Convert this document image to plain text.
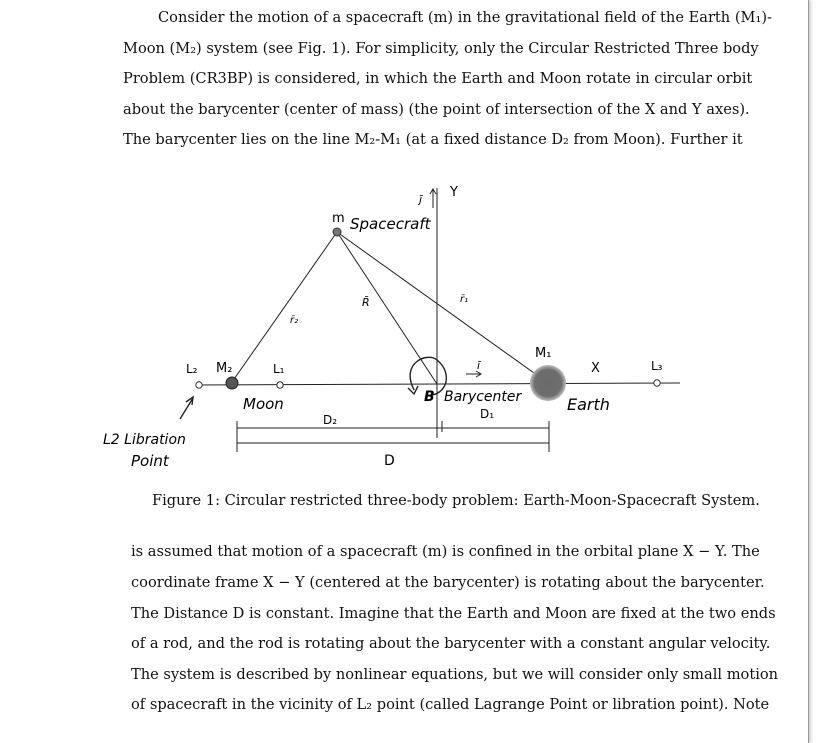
Consider the motion of a spacecraft (m) in the gravitational field of the Earth (M₁)-

Moon (M₂) system (see Fig. 1). For simplicity, only the Circular Restricted Three body

Problem (CR3BP) is considered, in which the Earth and Moon rotate in circular orbit

about the barycenter (center of mass) (the point of intersection of the X and Y axes).

The barycenter lies on the line M₂-M₁ (at a fixed distance D₂ from Moon). Further it

Y
j̄
m Spacecraft
r̄₂
R̄	r̄₁
M₁
X	L₃
L₂ M₂	L₁	ī
Moon	B Barycenter	Earth
D₁
D₂
D
L2 Libration
Point
Figure 1: Circular restricted three-body problem: Earth-Moon-Spacecraft System.

is assumed that motion of a spacecraft (m) is confined in the orbital plane X − Y. The

coordinate frame X − Y (centered at the barycenter) is rotating about the barycenter.

The Distance D is constant. Imagine that the Earth and Moon are fixed at the two ends

of a rod, and the rod is rotating about the barycenter with a constant angular velocity.

The system is described by nonlinear equations, but we will consider only small motion

of spacecraft in the vicinity of L₂ point (called Lagrange Point or libration point). Note
